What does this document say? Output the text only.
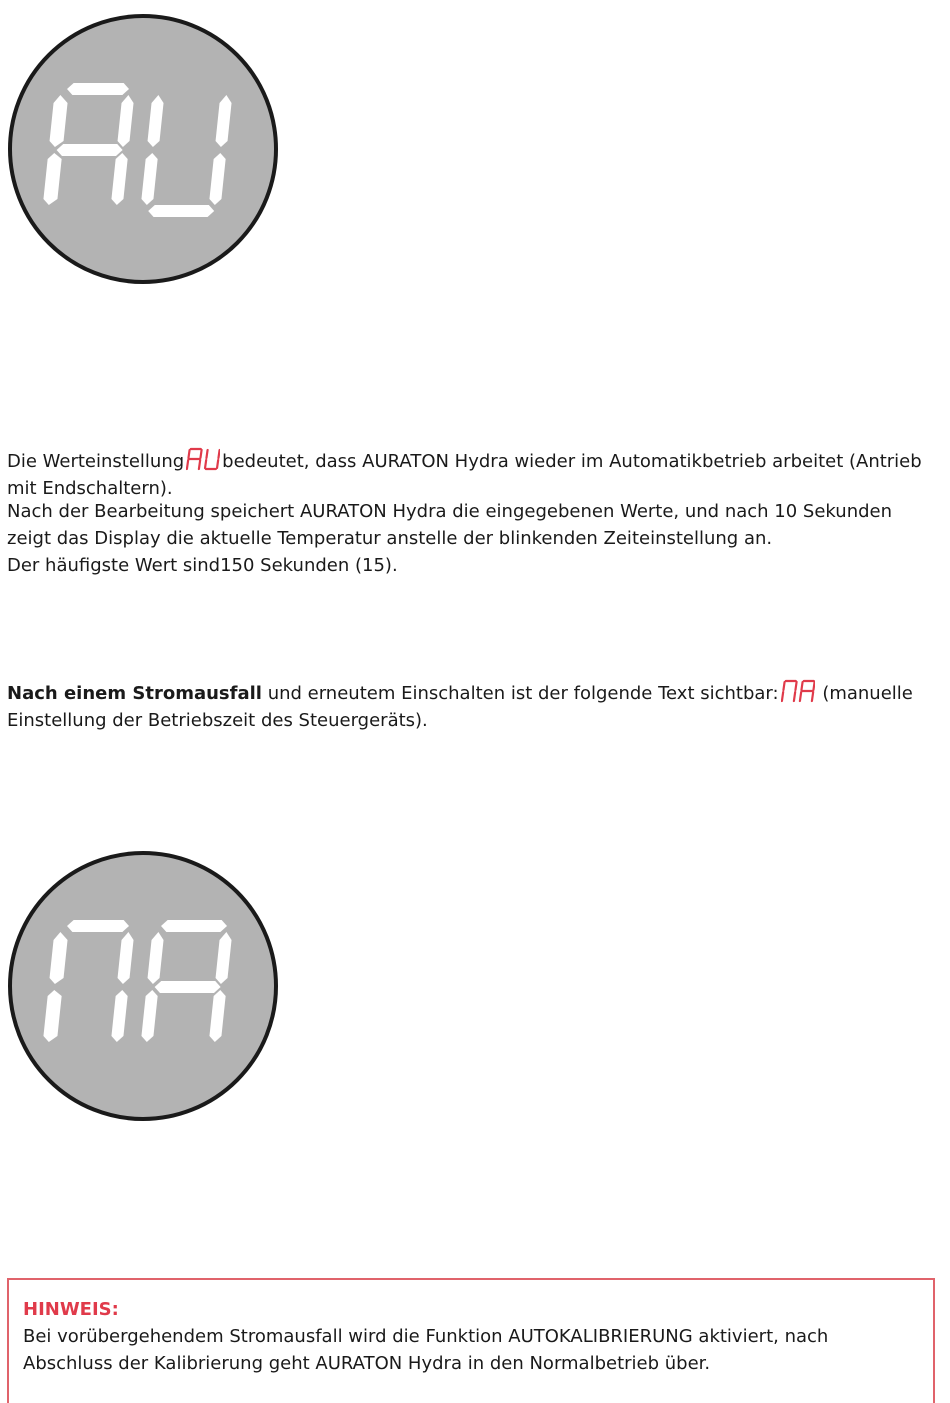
Die Werteinstellung bedeutet, dass AURATON Hydra wieder im Automatikbetrieb arbeitet (Antrieb
mit Endschaltern).
Nach der Bearbeitung speichert AURATON Hydra die eingegebenen Werte, und nach 10 Sekunden
zeigt das Display die aktuelle Temperatur anstelle der blinkenden Zeiteinstellung an.
Der häufigste Wert sind150 Sekunden (15).

Nach einem Stromausfall und erneutem Einschalten ist der folgende Text sichtbar: (manuelle
Einstellung der Betriebszeit des Steuergeräts).

HINWEIS:
Bei vorübergehendem Stromausfall wird die Funktion AUTOKALIBRIERUNG aktiviert, nach
Abschluss der Kalibrierung geht AURATON Hydra in den Normalbetrieb über.
